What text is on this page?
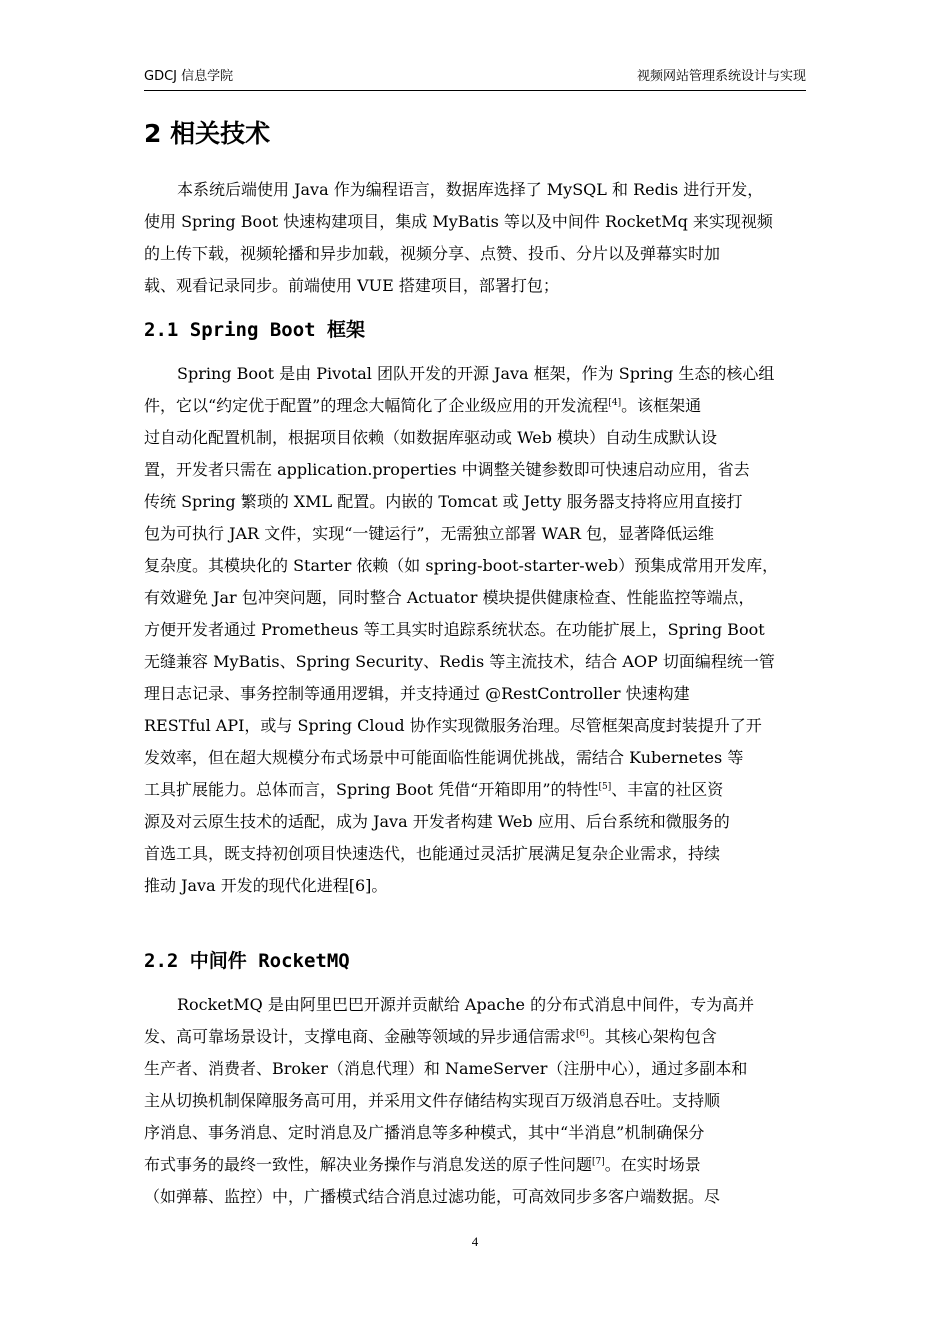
GDCJ 信息学院	视频网站管理系统设计与实现
2 相关技术
本系统后端使用 Java 作为编程语言，数据库选择了 MySQL 和 Redis 进行开发，
使用 Spring Boot 快速构建项目，集成 MyBatis 等以及中间件 RocketMq 来实现视频
的上传下载，视频轮播和异步加载，视频分享、点赞、投币、分片以及弹幕实时加
载、观看记录同步。前端使用 VUE 搭建项目，部署打包；
2.1 Spring Boot 框架
Spring Boot 是由 Pivotal 团队开发的开源 Java 框架，作为 Spring 生态的核心组
件，它以“约定优于配置”的理念大幅简化了企业级应用的开发流程[4]。该框架通
过自动化配置机制，根据项目依赖（如数据库驱动或 Web 模块）自动生成默认设
置，开发者只需在 application.properties 中调整关键参数即可快速启动应用，省去
传统 Spring 繁琐的 XML 配置。内嵌的 Tomcat 或 Jetty 服务器支持将应用直接打
包为可执行 JAR 文件，实现“一键运行”，无需独立部署 WAR 包，显著降低运维
复杂度。其模块化的 Starter 依赖（如 spring-boot-starter-web）预集成常用开发库，
有效避免 Jar 包冲突问题，同时整合 Actuator 模块提供健康检查、性能监控等端点，
方便开发者通过 Prometheus 等工具实时追踪系统状态。在功能扩展上，Spring Boot
无缝兼容 MyBatis、Spring Security、Redis 等主流技术，结合 AOP 切面编程统一管
理日志记录、事务控制等通用逻辑，并支持通过 @RestController 快速构建
RESTful API，或与 Spring Cloud 协作实现微服务治理。尽管框架高度封装提升了开
发效率，但在超大规模分布式场景中可能面临性能调优挑战，需结合 Kubernetes 等
工具扩展能力。总体而言，Spring Boot 凭借“开箱即用”的特性[5]、丰富的社区资
源及对云原生技术的适配，成为 Java 开发者构建 Web 应用、后台系统和微服务的
首选工具，既支持初创项目快速迭代，也能通过灵活扩展满足复杂企业需求，持续
推动 Java 开发的现代化进程[6]。
2.2 中间件 RocketMQ
RocketMQ 是由阿里巴巴开源并贡献给 Apache 的分布式消息中间件，专为高并
发、高可靠场景设计，支撑电商、金融等领域的异步通信需求[6]。其核心架构包含
生产者、消费者、Broker（消息代理）和 NameServer（注册中心），通过多副本和
主从切换机制保障服务高可用，并采用文件存储结构实现百万级消息吞吐。支持顺
序消息、事务消息、定时消息及广播消息等多种模式，其中“半消息”机制确保分
布式事务的最终一致性，解决业务操作与消息发送的原子性问题[7]。在实时场景
（如弹幕、监控）中，广播模式结合消息过滤功能，可高效同步多客户端数据。尽
4
